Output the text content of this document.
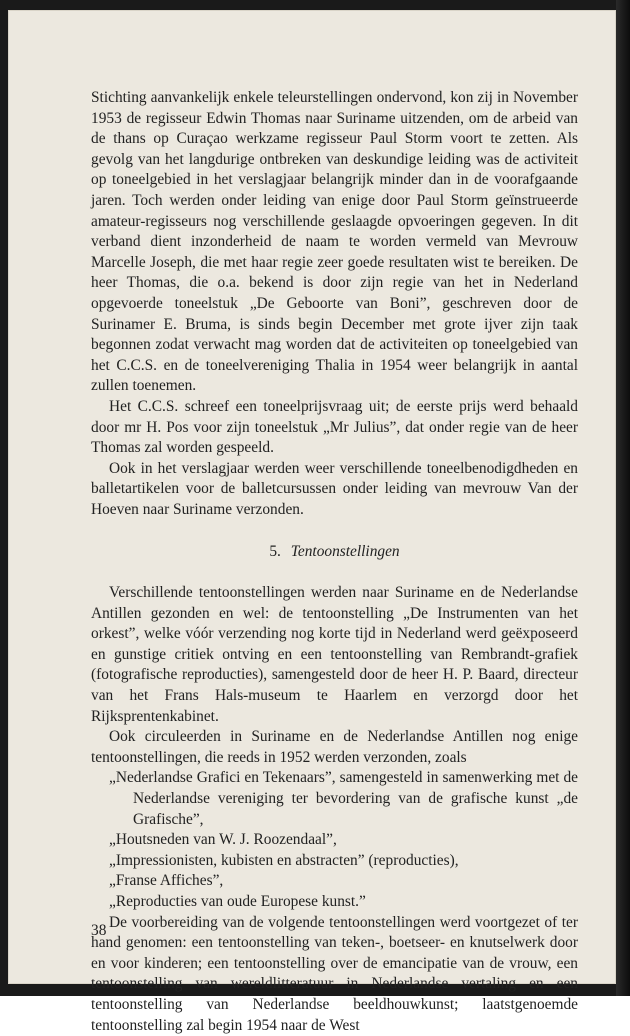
Stichting aanvankelijk enkele teleurstellingen ondervond, kon zij in November 1953 de regisseur Edwin Thomas naar Suriname uitzenden, om de arbeid van de thans op Curaçao werkzame regisseur Paul Storm voort te zetten. Als gevolg van het langdurige ontbreken van deskundige leiding was de activiteit op toneelgebied in het verslagjaar belangrijk minder dan in de voorafgaande jaren. Toch werden onder leiding van enige door Paul Storm geïnstrueerde amateur-regisseurs nog verschillende geslaagde opvoeringen gegeven. In dit verband dient inzonderheid de naam te worden vermeld van Mevrouw Marcelle Joseph, die met haar regie zeer goede resultaten wist te bereiken. De heer Thomas, die o.a. bekend is door zijn regie van het in Nederland opgevoerde toneelstuk „De Geboorte van Boni”, geschreven door de Surinamer E. Bruma, is sinds begin December met grote ijver zijn taak begonnen zodat verwacht mag worden dat de activiteiten op toneelgebied van het C.C.S. en de toneelvereniging Thalia in 1954 weer belangrijk in aantal zullen toenemen.

Het C.C.S. schreef een toneelprijsvraag uit; de eerste prijs werd behaald door mr H. Pos voor zijn toneelstuk „Mr Julius”, dat onder regie van de heer Thomas zal worden gespeeld.

Ook in het verslagjaar werden weer verschillende toneelbenodigdheden en balletartikelen voor de balletcursussen onder leiding van mevrouw Van der Hoeven naar Suriname verzonden.

5. Tentoonstellingen

Verschillende tentoonstellingen werden naar Suriname en de Nederlandse Antillen gezonden en wel: de tentoonstelling „De Instrumenten van het orkest”, welke vóór verzending nog korte tijd in Nederland werd geëxposeerd en gunstige critiek ontving en een tentoonstelling van Rembrandt-grafiek (fotografische reproducties), samengesteld door de heer H. P. Baard, directeur van het Frans Hals-museum te Haarlem en verzorgd door het Rijksprentenkabinet.

Ook circuleerden in Suriname en de Nederlandse Antillen nog enige tentoonstellingen, die reeds in 1952 werden verzonden, zoals

„Nederlandse Grafici en Tekenaars”, samengesteld in samenwerking met de Nederlandse vereniging ter bevordering van de grafische kunst „de Grafische”,
„Houtsneden van W. J. Roozendaal”,
„Impressionisten, kubisten en abstracten” (reproducties),
„Franse Affiches”,
„Reproducties van oude Europese kunst.”

De voorbereiding van de volgende tentoonstellingen werd voortgezet of ter hand genomen: een tentoonstelling van teken-, boetseer- en knutselwerk door en voor kinderen; een tentoonstelling over de emancipatie van de vrouw, een tentoonstelling van wereldlitteratuur in Nederlandse vertaling en een tentoonstelling van Nederlandse beeldhouwkunst; laatstgenoemde tentoonstelling zal begin 1954 naar de West

38
